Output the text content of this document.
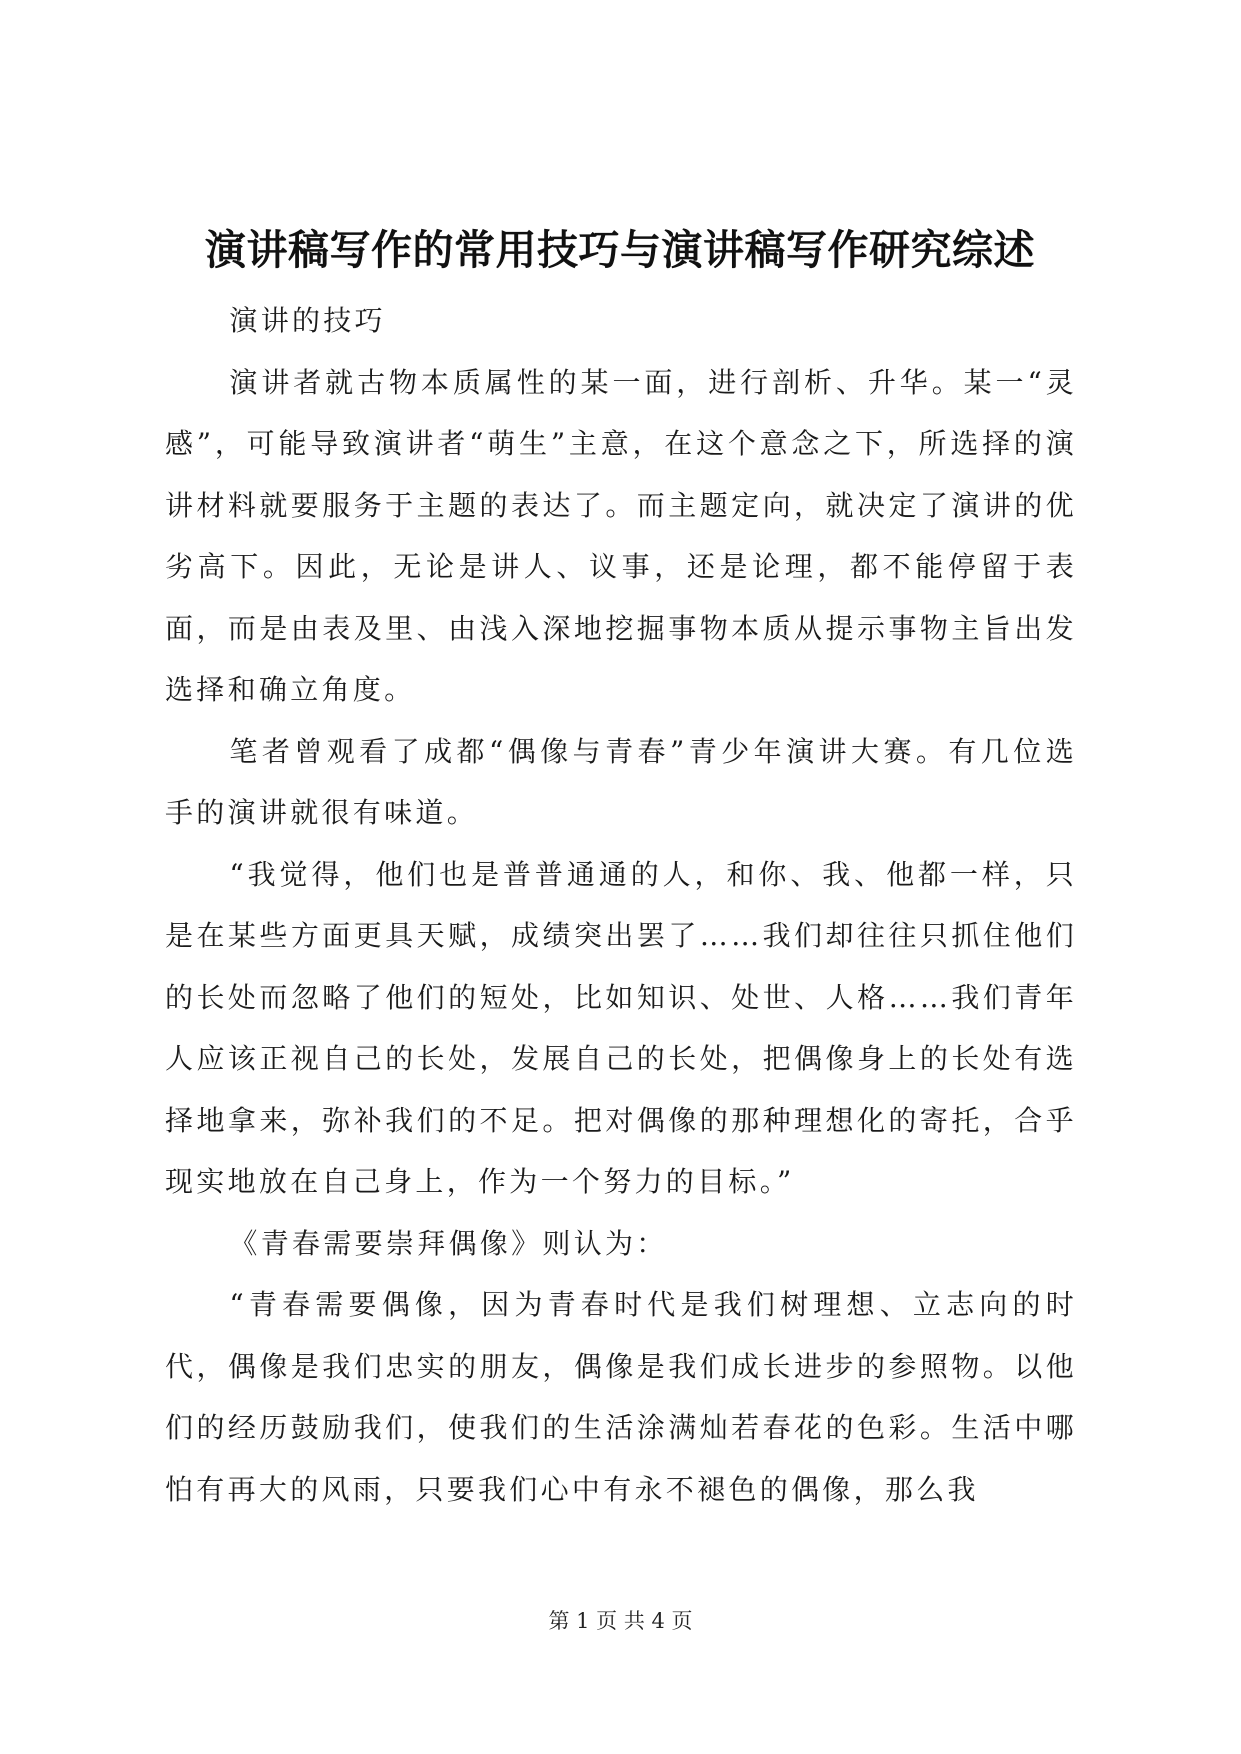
演讲稿写作的常用技巧与演讲稿写作研究综述

演讲的技巧

演讲者就古物本质属性的某一面，进行剖析、升华。某一“灵感”，可能导致演讲者“萌生”主意，在这个意念之下，所选择的演讲材料就要服务于主题的表达了。而主题定向，就决定了演讲的优劣高下。因此，无论是讲人、议事，还是论理，都不能停留于表面，而是由表及里、由浅入深地挖掘事物本质从提示事物主旨出发选择和确立角度。

笔者曾观看了成都“偶像与青春”青少年演讲大赛。有几位选手的演讲就很有味道。

“我觉得，他们也是普普通通的人，和你、我、他都一样，只是在某些方面更具天赋，成绩突出罢了……我们却往往只抓住他们的长处而忽略了他们的短处，比如知识、处世、人格……我们青年人应该正视自己的长处，发展自己的长处，把偶像身上的长处有选择地拿来，弥补我们的不足。把对偶像的那种理想化的寄托，合乎现实地放在自己身上，作为一个努力的目标。”

《青春需要崇拜偶像》则认为：

“青春需要偶像，因为青春时代是我们树理想、立志向的时代，偶像是我们忠实的朋友，偶像是我们成长进步的参照物。以他们的经历鼓励我们，使我们的生活涂满灿若春花的色彩。生活中哪怕有再大的风雨，只要我们心中有永不褪色的偶像，那么我

第 1 页 共 4 页
